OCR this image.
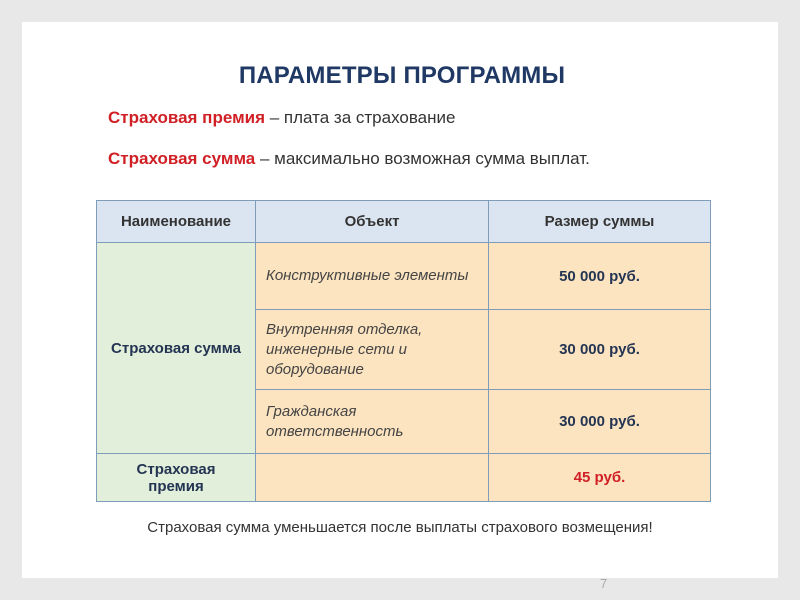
ПАРАМЕТРЫ ПРОГРАММЫ
Страховая премия – плата за страхование
Страховая сумма – максимально возможная сумма выплат.
Наименование	Объект	Размер суммы
Страховая сумма	Конструктивные элементы	50 000 руб.
	Внутренняя отделка, инженерные сети и оборудование	30 000 руб.
	Гражданская ответственность	30 000 руб.
Страховая премия		45 руб.
Страховая сумма уменьшается после выплаты страхового возмещения!
7
